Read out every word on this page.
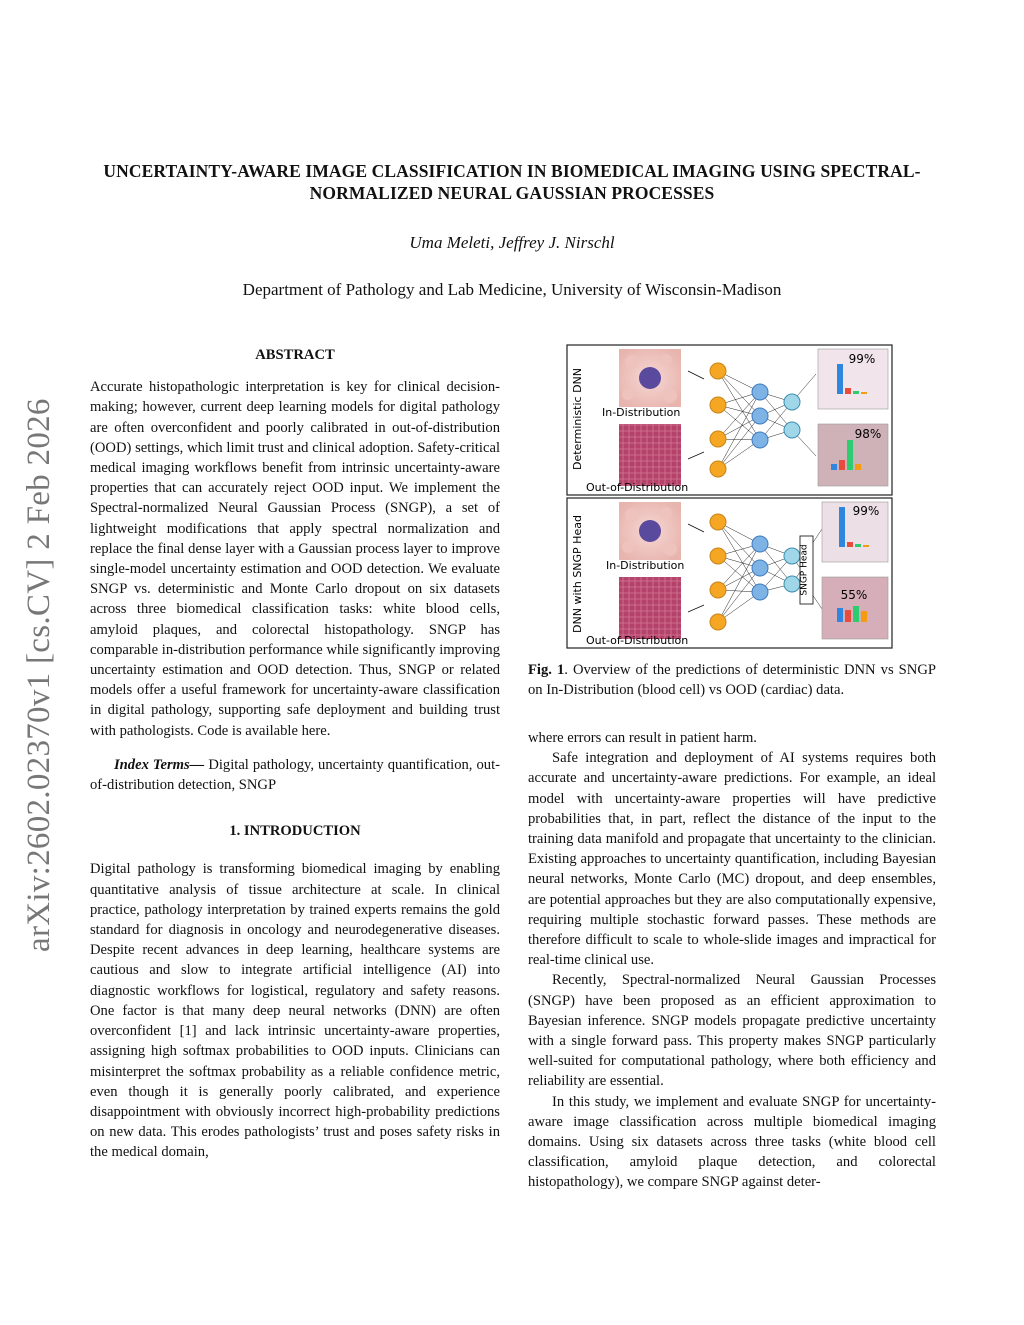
arXiv:2602.02370v1 [cs.CV] 2 Feb 2026
UNCERTAINTY-AWARE IMAGE CLASSIFICATION IN BIOMEDICAL IMAGING USING SPECTRAL-NORMALIZED NEURAL GAUSSIAN PROCESSES
Uma Meleti, Jeffrey J. Nirschl
Department of Pathology and Lab Medicine, University of Wisconsin-Madison
ABSTRACT

Accurate histopathologic interpretation is key for clinical decision-making; however, current deep learning models for digital pathology are often overconfident and poorly calibrated in out-of-distribution (OOD) settings, which limit trust and clinical adoption. Safety-critical medical imaging workflows benefit from intrinsic uncertainty-aware properties that can accurately reject OOD input. We implement the Spectral-normalized Neural Gaussian Process (SNGP), a set of lightweight modifications that apply spectral normalization and replace the final dense layer with a Gaussian process layer to improve single-model uncertainty estimation and OOD detection. We evaluate SNGP vs. deterministic and Monte Carlo dropout on six datasets across three biomedical classification tasks: white blood cells, amyloid plaques, and colorectal histopathology. SNGP has comparable in-distribution performance while significantly improving uncertainty estimation and OOD detection. Thus, SNGP or related models offer a useful framework for uncertainty-aware classification in digital pathology, supporting safe deployment and building trust with pathologists. Code is available here.

Index Terms— Digital pathology, uncertainty quantification, out-of-distribution detection, SNGP

1. INTRODUCTION

Digital pathology is transforming biomedical imaging by enabling quantitative analysis of tissue architecture at scale. In clinical practice, pathology interpretation by trained experts remains the gold standard for diagnosis in oncology and neurodegenerative diseases. Despite recent advances in deep learning, healthcare systems are cautious and slow to integrate artificial intelligence (AI) into diagnostic workflows for logistical, regulatory and safety reasons. One factor is that many deep neural networks (DNN) are often overconfident [1] and lack intrinsic uncertainty-aware properties, assigning high softmax probabilities to OOD inputs. Clinicians can misinterpret the softmax probability as a reliable confidence metric, even though it is generally poorly calibrated, and experience disappointment with obviously incorrect high-probability predictions on new data. This erodes pathologists’ trust and poses safety risks in the medical domain,

Deterministic DNN In-Distribution
Out-of-Distribution
99%
98%
DNN with SNGP Head In-Distribution
Out-of-Distribution
SNGP Head
99%
55%
Fig. 1. Overview of the predictions of deterministic DNN vs SNGP on In-Distribution (blood cell) vs OOD (cardiac) data.

where errors can result in patient harm.

Safe integration and deployment of AI systems requires both accurate and uncertainty-aware predictions. For example, an ideal model with uncertainty-aware properties will have predictive probabilities that, in part, reflect the distance of the input to the training data manifold and propagate that uncertainty to the clinician. Existing approaches to uncertainty quantification, including Bayesian neural networks, Monte Carlo (MC) dropout, and deep ensembles, are potential approaches but they are also computationally expensive, requiring multiple stochastic forward passes. These methods are therefore difficult to scale to whole-slide images and impractical for real-time clinical use.

Recently, Spectral-normalized Neural Gaussian Processes (SNGP) have been proposed as an efficient approximation to Bayesian inference. SNGP models propagate predictive uncertainty with a single forward pass. This property makes SNGP particularly well-suited for computational pathology, where both efficiency and reliability are essential.

In this study, we implement and evaluate SNGP for uncertainty-aware image classification across multiple biomedical imaging domains. Using six datasets across three tasks (white blood cell classification, amyloid plaque detection, and colorectal histopathology), we compare SNGP against deter-
